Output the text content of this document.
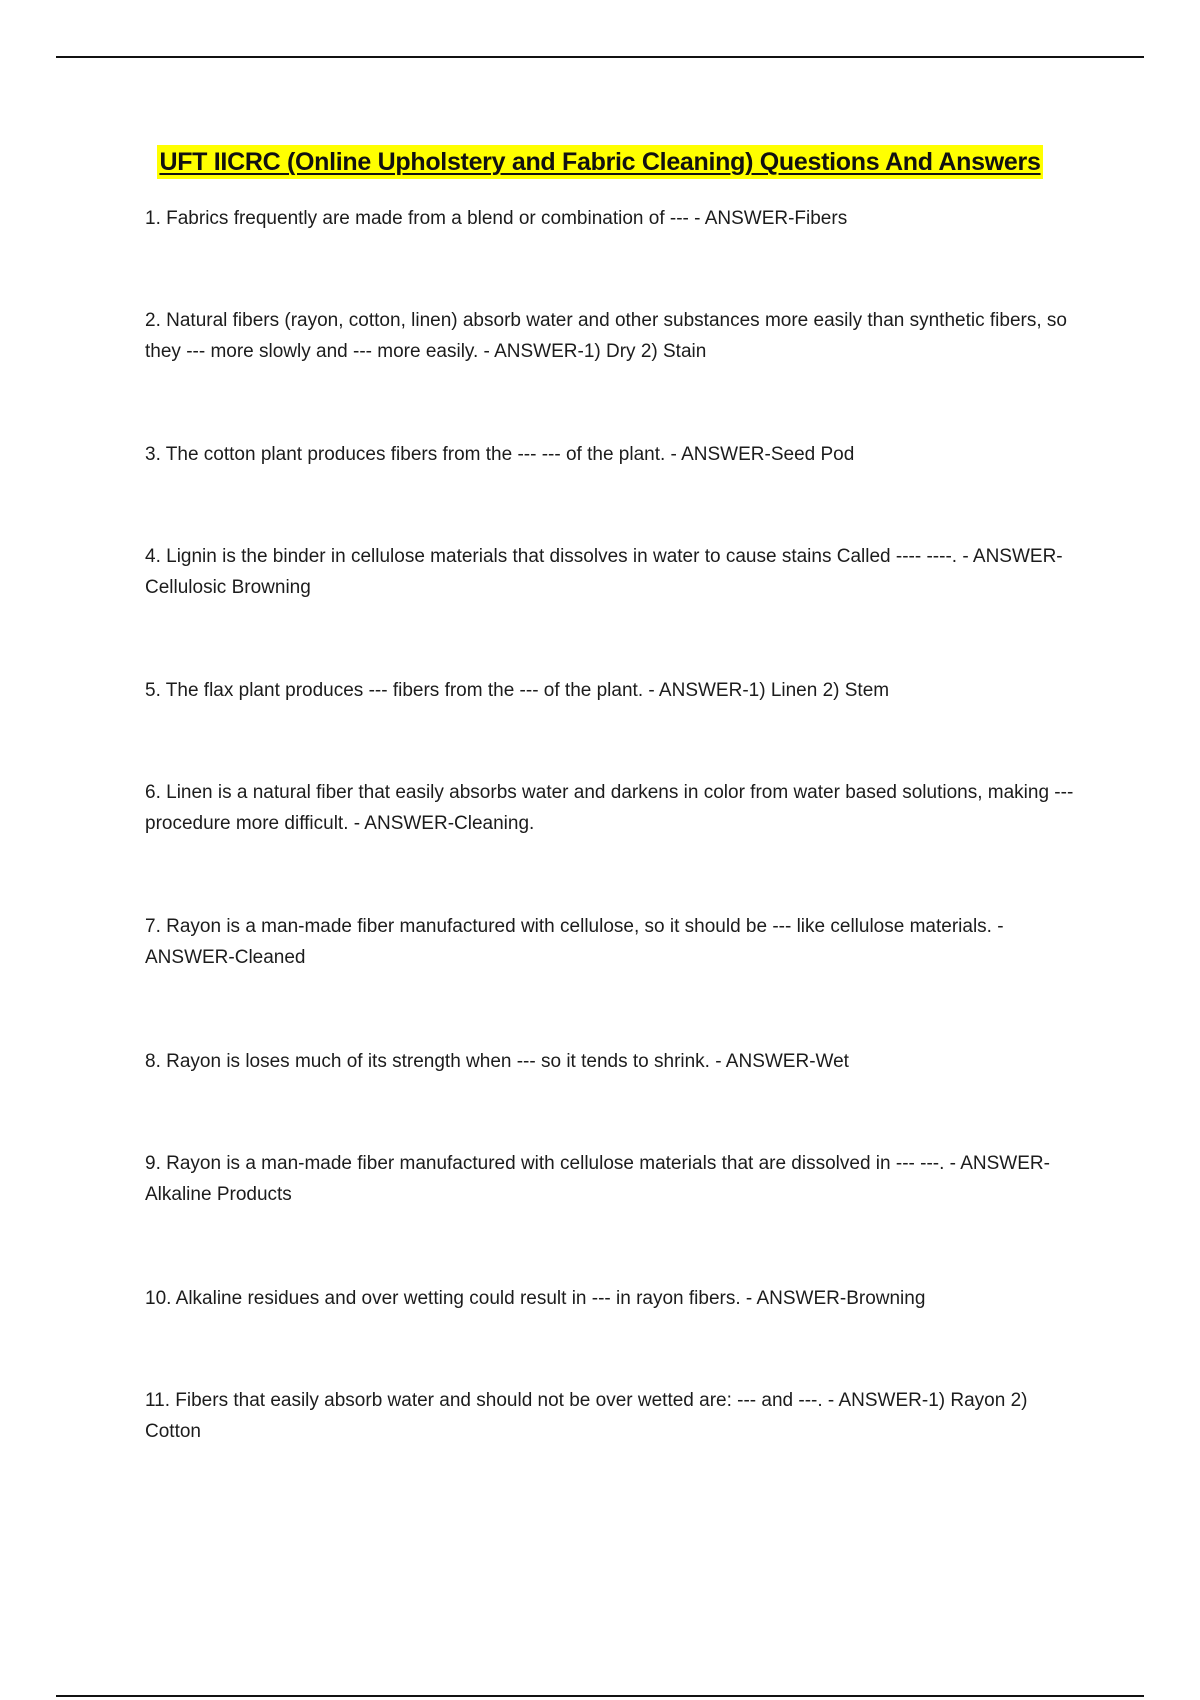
UFT IICRC (Online Upholstery and Fabric Cleaning) Questions And Answers

1. Fabrics frequently are made from a blend or combination of --- - ANSWER-Fibers

2. Natural fibers (rayon, cotton, linen) absorb water and other substances more easily than synthetic fibers, so they --- more slowly and --- more easily. - ANSWER-1) Dry 2) Stain

3. The cotton plant produces fibers from the --- --- of the plant. - ANSWER-Seed Pod

4. Lignin is the binder in cellulose materials that dissolves in water to cause stains Called ---- ----. - ANSWER-Cellulosic Browning

5. The flax plant produces --- fibers from the --- of the plant. - ANSWER-1) Linen 2) Stem

6. Linen is a natural fiber that easily absorbs water and darkens in color from water based solutions, making --- procedure more difficult. - ANSWER-Cleaning.

7. Rayon is a man-made fiber manufactured with cellulose, so it should be --- like cellulose materials. - ANSWER-Cleaned

8. Rayon is loses much of its strength when --- so it tends to shrink. - ANSWER-Wet

9. Rayon is a man-made fiber manufactured with cellulose materials that are dissolved in --- ---. - ANSWER-Alkaline Products

10. Alkaline residues and over wetting could result in --- in rayon fibers. - ANSWER-Browning

11. Fibers that easily absorb water and should not be over wetted are: --- and ---. - ANSWER-1) Rayon 2) Cotton
